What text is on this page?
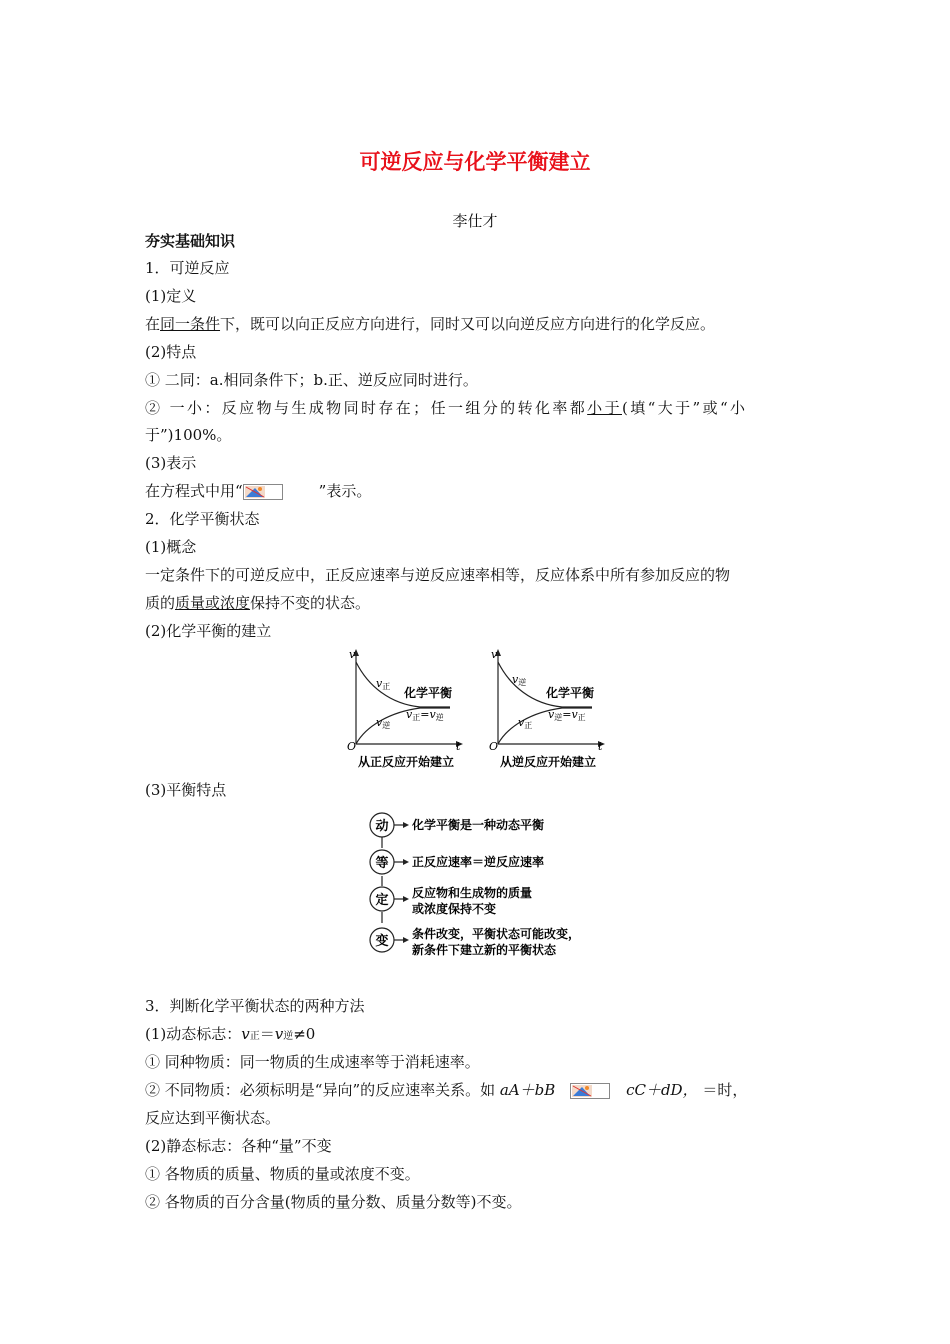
可逆反应与化学平衡建立
李仕才
夯实基础知识
1．可逆反应
(1)定义
在同一条件下，既可以向正反应方向进行，同时又可以向逆反应方向进行的化学反应。
(2)特点
① 二同：a.相同条件下；b.正、逆反应同时进行。
② 一小：反应物与生成物同时存在；任一组分的转化率都小于(填“大于”或“小
于”)100%。
(3)表示
在方程式中用“	”表示。
2．化学平衡状态
(1)概念
一定条件下的可逆反应中，正反应速率与逆反应速率相等，反应体系中所有参加反应的物
质的质量或浓度保持不变的状态。
(2)化学平衡的建立
v
t
O
v正
v逆
化学平衡
v正=v逆
从正反应开始建立
v
t
O
v逆
v正
化学平衡
v逆=v正
从逆反应开始建立
(3)平衡特点
动 化学平衡是一种动态平衡
等 正反应速率＝逆反应速率
定 反应物和生成物的质量
或浓度保持不变
变 条件改变，平衡状态可能改变，
新条件下建立新的平衡状态
3．判断化学平衡状态的两种方法
(1)动态标志：v正＝v逆≠0
① 同种物质：同一物质的生成速率等于消耗速率。
② 不同物质：必须标明是“异向”的反应速率关系。如 aA＋bB	cC＋dD， ＝时，
反应达到平衡状态。
(2)静态标志：各种“量”不变
① 各物质的质量、物质的量或浓度不变。
② 各物质的百分含量(物质的量分数、质量分数等)不变。
